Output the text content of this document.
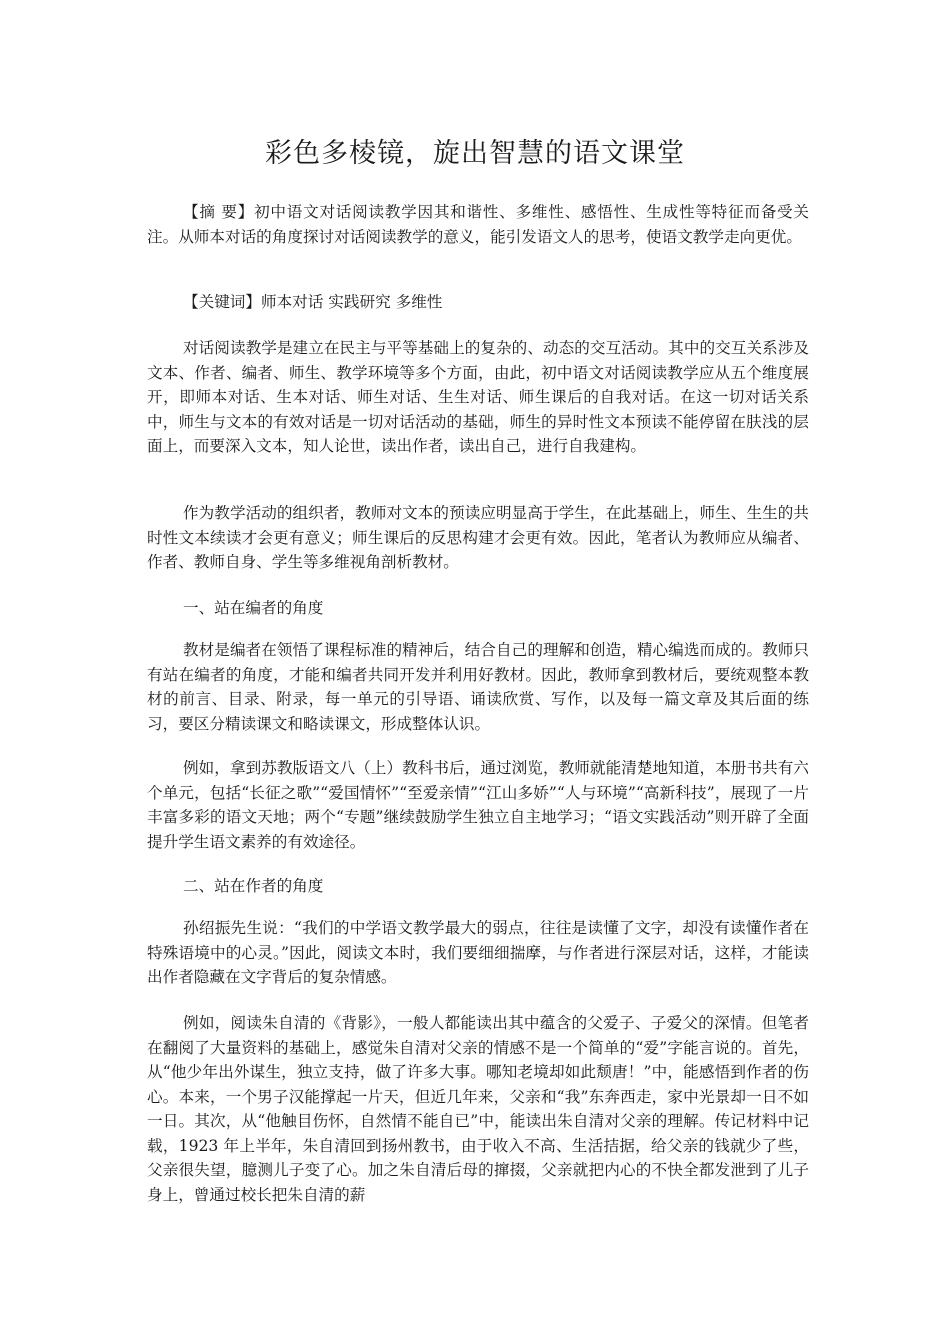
彩色多棱镜，旋出智慧的语文课堂

【摘 要】初中语文对话阅读教学因其和谐性、多维性、感悟性、生成性等特征而备受关注。从师本对话的角度探讨对话阅读教学的意义，能引发语文人的思考，使语文教学走向更优。

【关键词】师本对话 实践研究 多维性

对话阅读教学是建立在民主与平等基础上的复杂的、动态的交互活动。其中的交互关系涉及文本、作者、编者、师生、教学环境等多个方面，由此，初中语文对话阅读教学应从五个维度展开，即师本对话、生本对话、师生对话、生生对话、师生课后的自我对话。在这一切对话关系中，师生与文本的有效对话是一切对话活动的基础，师生的异时性文本预读不能停留在肤浅的层面上，而要深入文本，知人论世，读出作者，读出自己，进行自我建构。

作为教学活动的组织者，教师对文本的预读应明显高于学生，在此基础上，师生、生生的共时性文本续读才会更有意义；师生课后的反思构建才会更有效。因此，笔者认为教师应从编者、作者、教师自身、学生等多维视角剖析教材。

一、站在编者的角度

教材是编者在领悟了课程标准的精神后，结合自己的理解和创造，精心编选而成的。教师只有站在编者的角度，才能和编者共同开发并利用好教材。因此，教师拿到教材后，要统观整本教材的前言、目录、附录，每一单元的引导语、诵读欣赏、写作，以及每一篇文章及其后面的练习，要区分精读课文和略读课文，形成整体认识。

例如，拿到苏教版语文八（上）教科书后，通过浏览，教师就能清楚地知道，本册书共有六个单元，包括“长征之歌”“爱国情怀”“至爱亲情”“江山多娇”“人与环境”“高新科技”，展现了一片丰富多彩的语文天地；两个“专题”继续鼓励学生独立自主地学习；“语文实践活动”则开辟了全面提升学生语文素养的有效途径。

二、站在作者的角度

孙绍振先生说：“我们的中学语文教学最大的弱点，往往是读懂了文字，却没有读懂作者在特殊语境中的心灵。”因此，阅读文本时，我们要细细揣摩，与作者进行深层对话，这样，才能读出作者隐藏在文字背后的复杂情感。

例如，阅读朱自清的《背影》，一般人都能读出其中蕴含的父爱子、子爱父的深情。但笔者在翻阅了大量资料的基础上，感觉朱自清对父亲的情感不是一个简单的“爱”字能言说的。首先，从“他少年出外谋生，独立支持，做了许多大事。哪知老境却如此颓唐！”中，能感悟到作者的伤心。本来，一个男子汉能撑起一片天，但近几年来，父亲和“我”东奔西走，家中光景却一日不如一日。其次，从“他触目伤怀，自然情不能自已”中，能读出朱自清对父亲的理解。传记材料中记载，1923 年上半年，朱自清回到扬州教书，由于收入不高、生活拮据，给父亲的钱就少了些，父亲很失望，臆测儿子变了心。加之朱自清后母的撺掇，父亲就把内心的不快全都发泄到了儿子身上，曾通过校长把朱自清的薪
